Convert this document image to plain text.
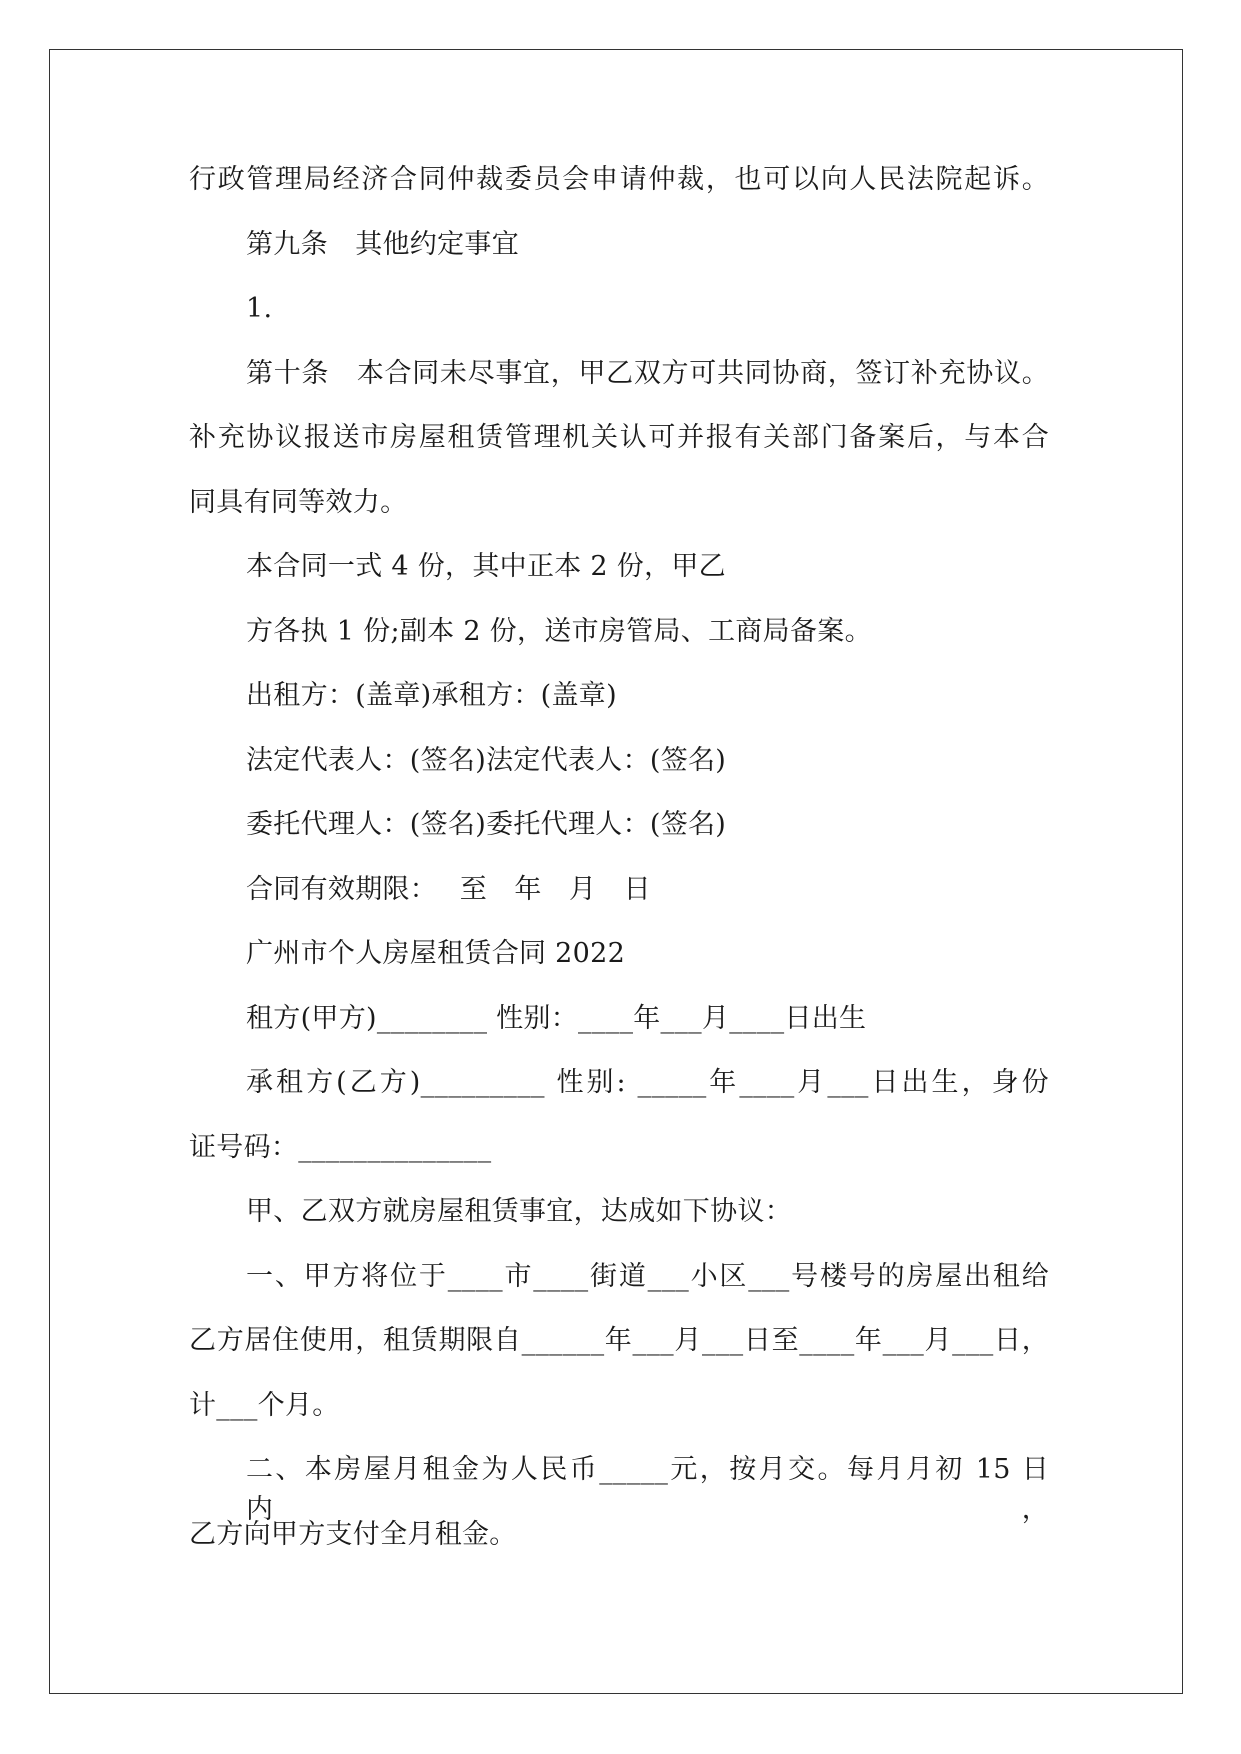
行政管理局经济合同仲裁委员会申请仲裁，也可以向人民法院起诉。
第九条　其他约定事宜
1.
第十条　本合同未尽事宜，甲乙双方可共同协商，签订补充协议。
补充协议报送市房屋租赁管理机关认可并报有关部门备案后，与本合
同具有同等效力。
本合同一式 4 份，其中正本 2 份，甲乙
方各执 1 份;副本 2 份，送市房管局、工商局备案。
出租方：(盖章)承租方：(盖章)
法定代表人：(签名)法定代表人：(签名)
委托代理人：(签名)委托代理人：(签名)
合同有效期限：　 至　年　月　日
广州市个人房屋租赁合同 2022
租方(甲方)________ 性别：____年___月____日出生
承租方(乙方)_________ 性别: _____年____月___日出生，身份
证号码：______________
甲、乙双方就房屋租赁事宜，达成如下协议：
一、甲方将位于____市____街道___小区___号楼号的房屋出租给
乙方居住使用，租赁期限自______年___月___日至____年___月___日，
计___个月。
二、本房屋月租金为人民币_____元，按月交。每月月初 15 日内，
乙方向甲方支付全月租金。
